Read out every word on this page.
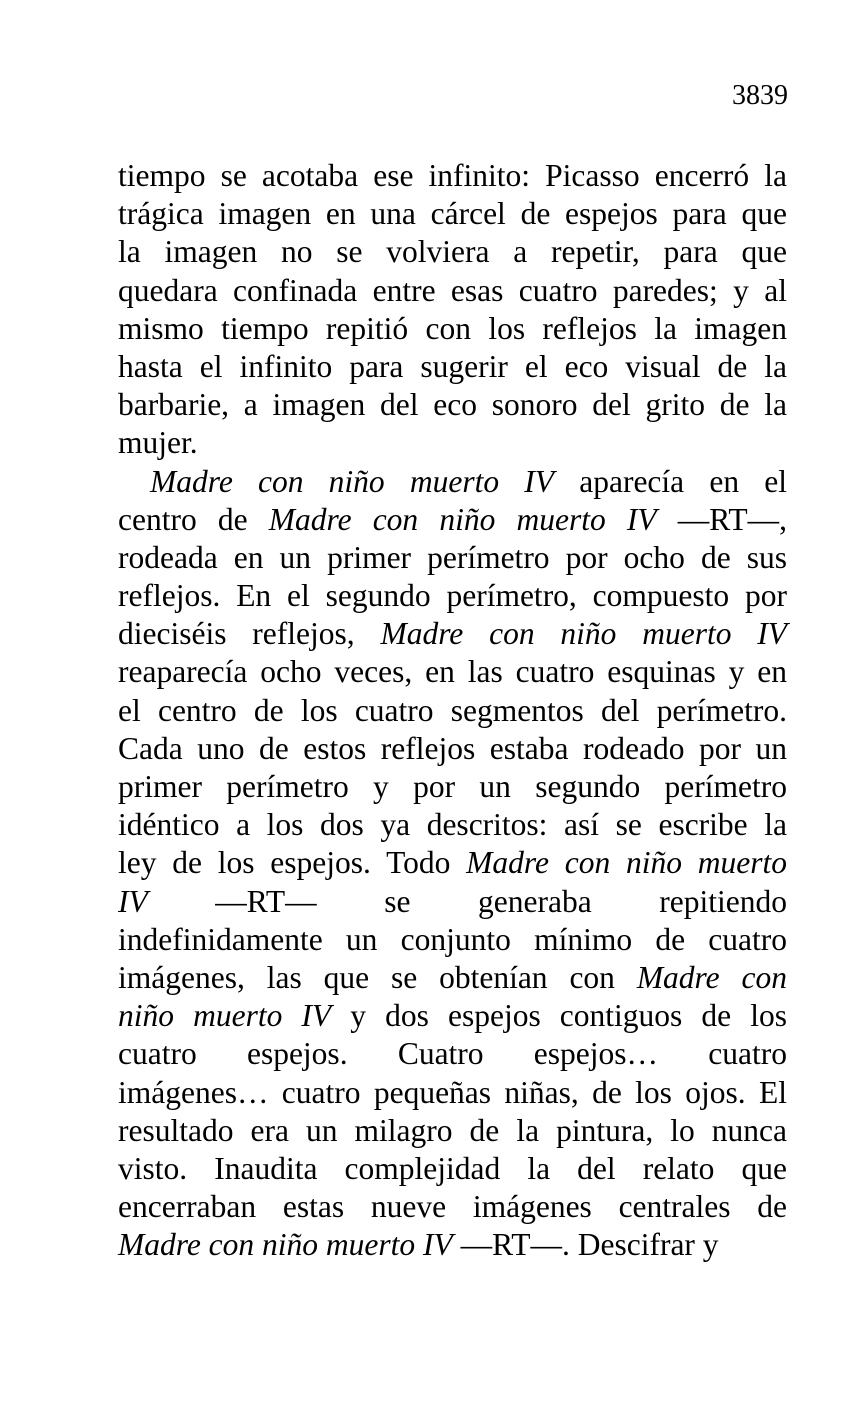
3839

tiempo se acotaba ese infinito: Picasso encerró la
trágica imagen en una cárcel de espejos para que
la imagen no se volviera a repetir, para que
quedara confinada entre esas cuatro paredes; y al
mismo tiempo repitió con los reflejos la imagen
hasta el infinito para sugerir el eco visual de la
barbarie, a imagen del eco sonoro del grito de la
mujer.
Madre con niño muerto IV aparecía en el
centro de Madre con niño muerto IV —RT—,
rodeada en un primer perímetro por ocho de sus
reflejos. En el segundo perímetro, compuesto por
dieciséis reflejos, Madre con niño muerto IV
reaparecía ocho veces, en las cuatro esquinas y en
el centro de los cuatro segmentos del perímetro.
Cada uno de estos reflejos estaba rodeado por un
primer perímetro y por un segundo perímetro
idéntico a los dos ya descritos: así se escribe la
ley de los espejos. Todo Madre con niño muerto
IV —RT— se generaba repitiendo
indefinidamente un conjunto mínimo de cuatro
imágenes, las que se obtenían con Madre con
niño muerto IV y dos espejos contiguos de los
cuatro espejos. Cuatro espejos… cuatro
imágenes… cuatro pequeñas niñas, de los ojos. El
resultado era un milagro de la pintura, lo nunca
visto. Inaudita complejidad la del relato que
encerraban estas nueve imágenes centrales de
Madre con niño muerto IV —RT—. Descifrar y
